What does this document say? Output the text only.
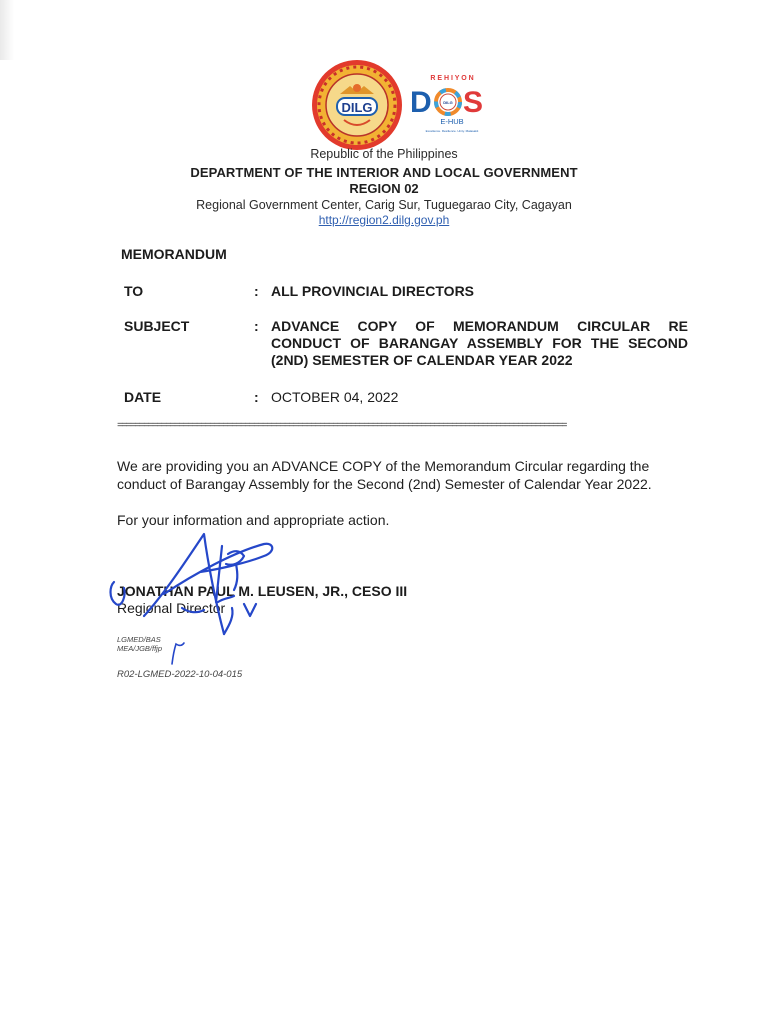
DILG
R E H I Y O N
D	DILG S
E-HUB
Excellence. Resilience. Unity. Malasakit
Republic of the Philippines
DEPARTMENT OF THE INTERIOR AND LOCAL GOVERNMENT
REGION 02
Regional Government Center, Carig Sur, Tuguegarao City, Cagayan
http://region2.dilg.gov.ph
MEMORANDUM
TO	: ALL PROVINCIAL DIRECTORS
SUBJECT	: ADVANCE COPY OF MEMORANDUM CIRCULAR RE CONDUCT OF BARANGAY ASSEMBLY FOR THE SECOND (2ND) SEMESTER OF CALENDAR YEAR 2022
DATE	: OCTOBER 04, 2022
======================================================================================================
We are providing you an ADVANCE COPY of the Memorandum Circular regarding the conduct of Barangay Assembly for the Second (2nd) Semester of Calendar Year 2022.
For your information and appropriate action.
JONATHAN PAUL M. LEUSEN, JR., CESO III
Regional Director
LGMED/BAS
MEA/JGB/ffjp
R02-LGMED-2022-10-04-015
